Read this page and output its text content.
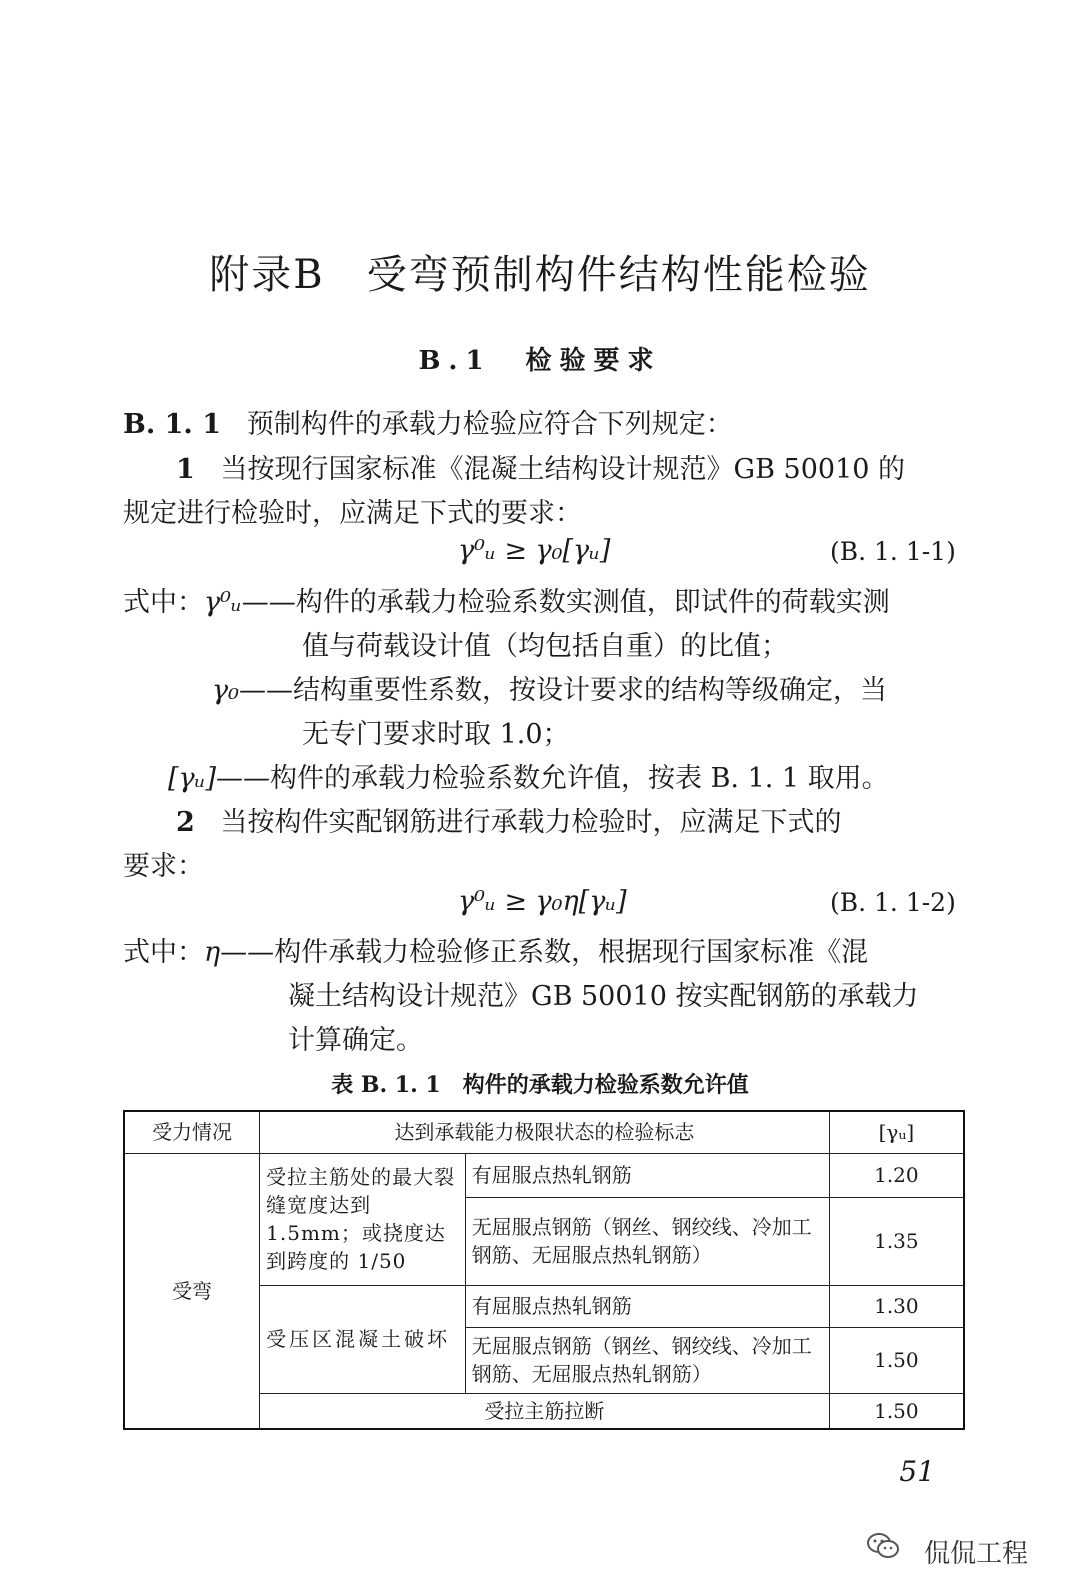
附录B　受弯预制构件结构性能检验
B.1　检验要求
B. 1. 1 预制构件的承载力检验应符合下列规定：
1 当按现行国家标准《混凝土结构设计规范》GB 50010 的
规定进行检验时，应满足下式的要求：
γ⁰ᵤ ≥ γ₀[γᵤ]	(B. 1. 1-1)
式中：γ⁰ᵤ——构件的承载力检验系数实测值，即试件的荷载实测
值与荷载设计值（均包括自重）的比值；
γ₀——结构重要性系数，按设计要求的结构等级确定，当
无专门要求时取 1.0；
[γᵤ]——构件的承载力检验系数允许值，按表 B. 1. 1 取用。
2 当按构件实配钢筋进行承载力检验时，应满足下式的
要求：
γ⁰ᵤ ≥ γ₀η[γᵤ]	(B. 1. 1-2)
式中：η——构件承载力检验修正系数，根据现行国家标准《混
凝土结构设计规范》GB 50010 按实配钢筋的承载力
计算确定。
表 B. 1. 1　构件的承载力检验系数允许值
受力情况	达到承载能力极限状态的检验标志		[γᵤ]
受弯	受拉主筋处的最大裂缝宽度达到 1.5mm；或挠度达到跨度的 1/50	有屈服点热轧钢筋	1.20
		无屈服点钢筋（钢丝、钢绞线、冷加工钢筋、无屈服点热轧钢筋）	1.35
	受压区混凝土破坏	有屈服点热轧钢筋	1.30
		无屈服点钢筋（钢丝、钢绞线、冷加工钢筋、无屈服点热轧钢筋）	1.50
	受拉主筋拉断		1.50
51
侃侃工程
